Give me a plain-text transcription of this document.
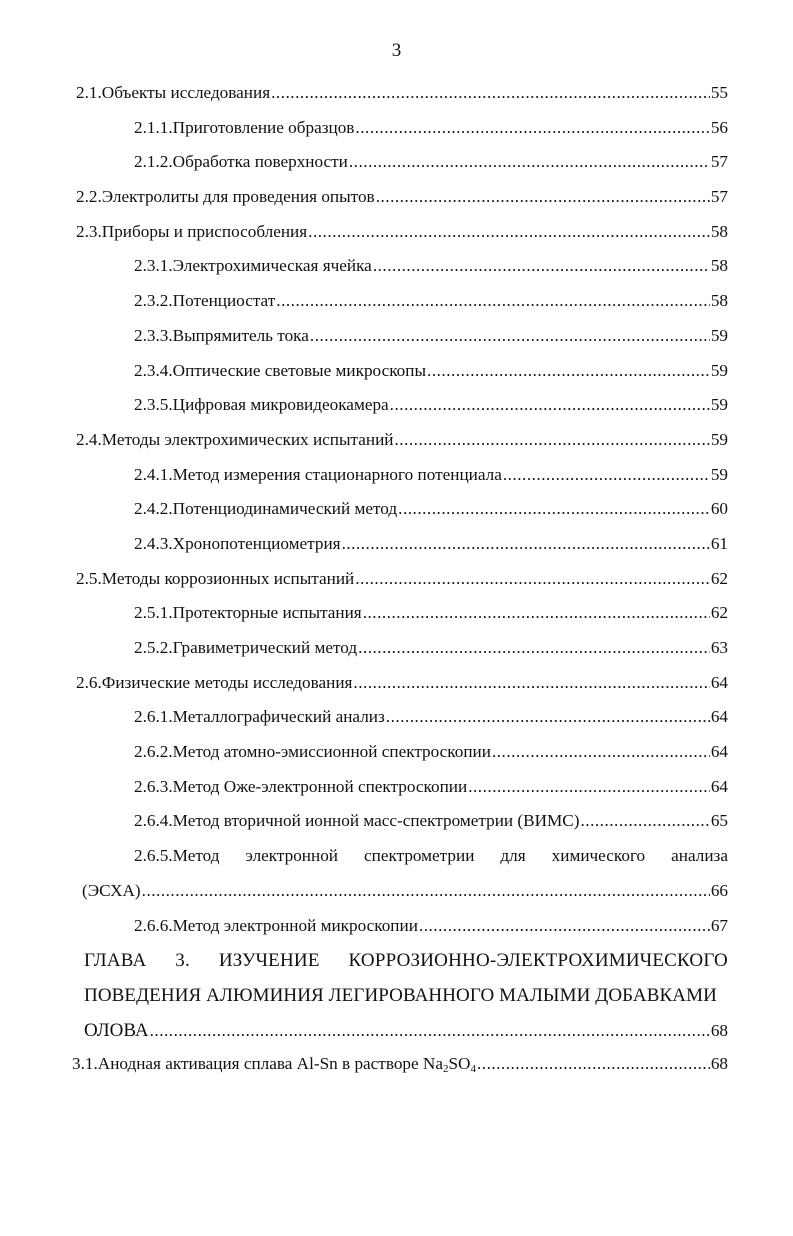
3
2.1.Объекты исследования .....	55
2.1.1.Приготовление образцов .....	56
2.1.2.Обработка поверхности .....	57
2.2.Электролиты для проведения опытов .....	57
2.3.Приборы и приспособления .....	58
2.3.1.Электрохимическая ячейка .....	58
2.3.2.Потенциостат .....	58
2.3.3.Выпрямитель тока .....	59
2.3.4.Оптические световые микроскопы .....	59
2.3.5.Цифровая микровидеокамера .....	59
2.4.Методы электрохимических испытаний .....	59
2.4.1.Метод измерения стационарного потенциала .....	59
2.4.2.Потенциодинамический метод .....	60
2.4.3.Хронопотенциометрия .....	61
2.5.Методы коррозионных испытаний .....	62
2.5.1.Протекторные испытания .....	62
2.5.2.Гравиметрический метод .....	63
2.6.Физические методы исследования .....	64
2.6.1.Металлографический анализ .....	64
2.6.2.Метод атомно-эмиссионной спектроскопии .....	64
2.6.3.Метод Оже-электронной спектроскопии .....	64
2.6.4.Метод вторичной ионной масс-спектрометрии (ВИМС) .....	65
2.6.5.Метод электронной спектрометрии для химического анализа
(ЭСХА) .....	66
2.6.6.Метод электронной микроскопии .....	67
ГЛАВА 3. ИЗУЧЕНИЕ КОРРОЗИОННО-ЭЛЕКТРОХИМИЧЕСКОГО
ПОВЕДЕНИЯ АЛЮМИНИЯ ЛЕГИРОВАННОГО МАЛЫМИ ДОБАВКАМИ
ОЛОВА .....	68
3.1.Анодная активация сплава Al-Sn в растворе $Na_2SO_4$ .....	68
